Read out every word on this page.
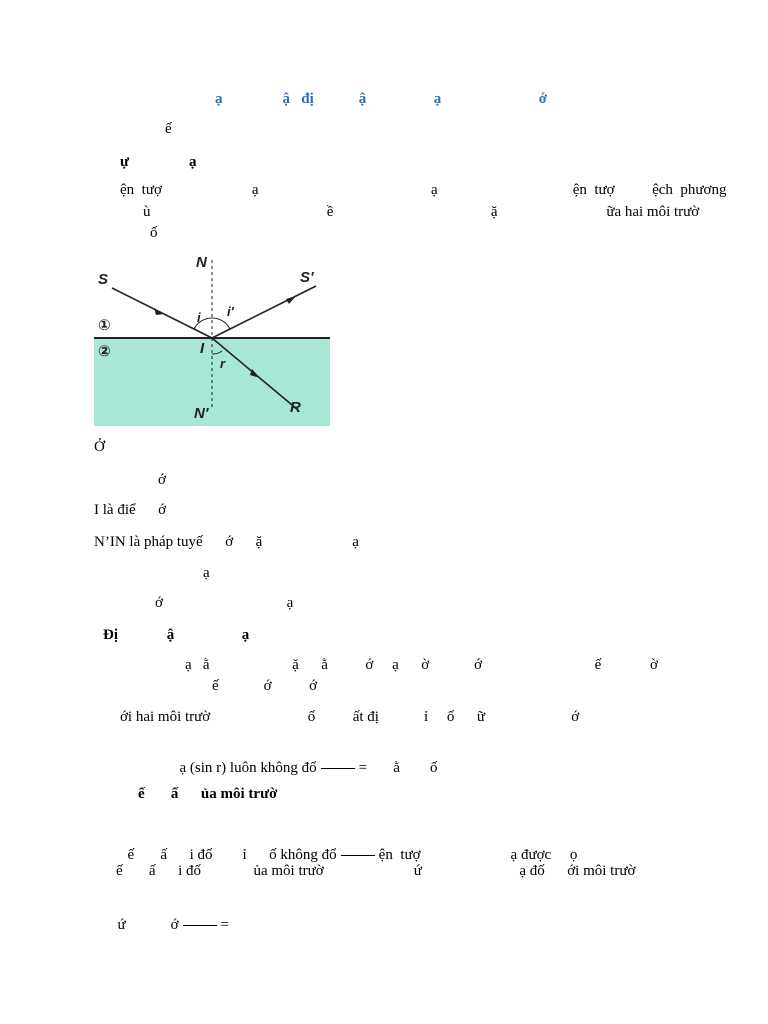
ạ                ậ   đị            ậ                  ạ                          ớ
ế
ự                ạ
ện  tượ                        ạ                                              ạ                                    ện  tượ          ệch  phương
ù                                               ề                                          ặ                             ữa hai môi trườ
ố
S	S'
N
N'
I
i i'
r
R
①
②
Ở
ớ
I là điể      ớ
N’IN là pháp tuyế      ớ      ặ                        ạ
ạ
ớ                                 ạ
Đị             ậ                  ạ
ạ   ằ                      ặ      ằ          ớ     ạ      ờ            ớ                              ế             ờ
ế            ớ          ớ
ới hai môi trườ                          ố          ất đị            ỉ     ố      ữ                       ớ

ạ (sin r) luôn không đổ	=       ằ        ố

ế       ấ      ủa môi trườ

ế       ấ      i đố        ỉ      ố không đổ	ện  tượ                        ạ được     ọ

ế       ấ      i đố              ủa môi trườ                        ứ                          ạ đố      ới môi trườ

ứ            ớ	=
